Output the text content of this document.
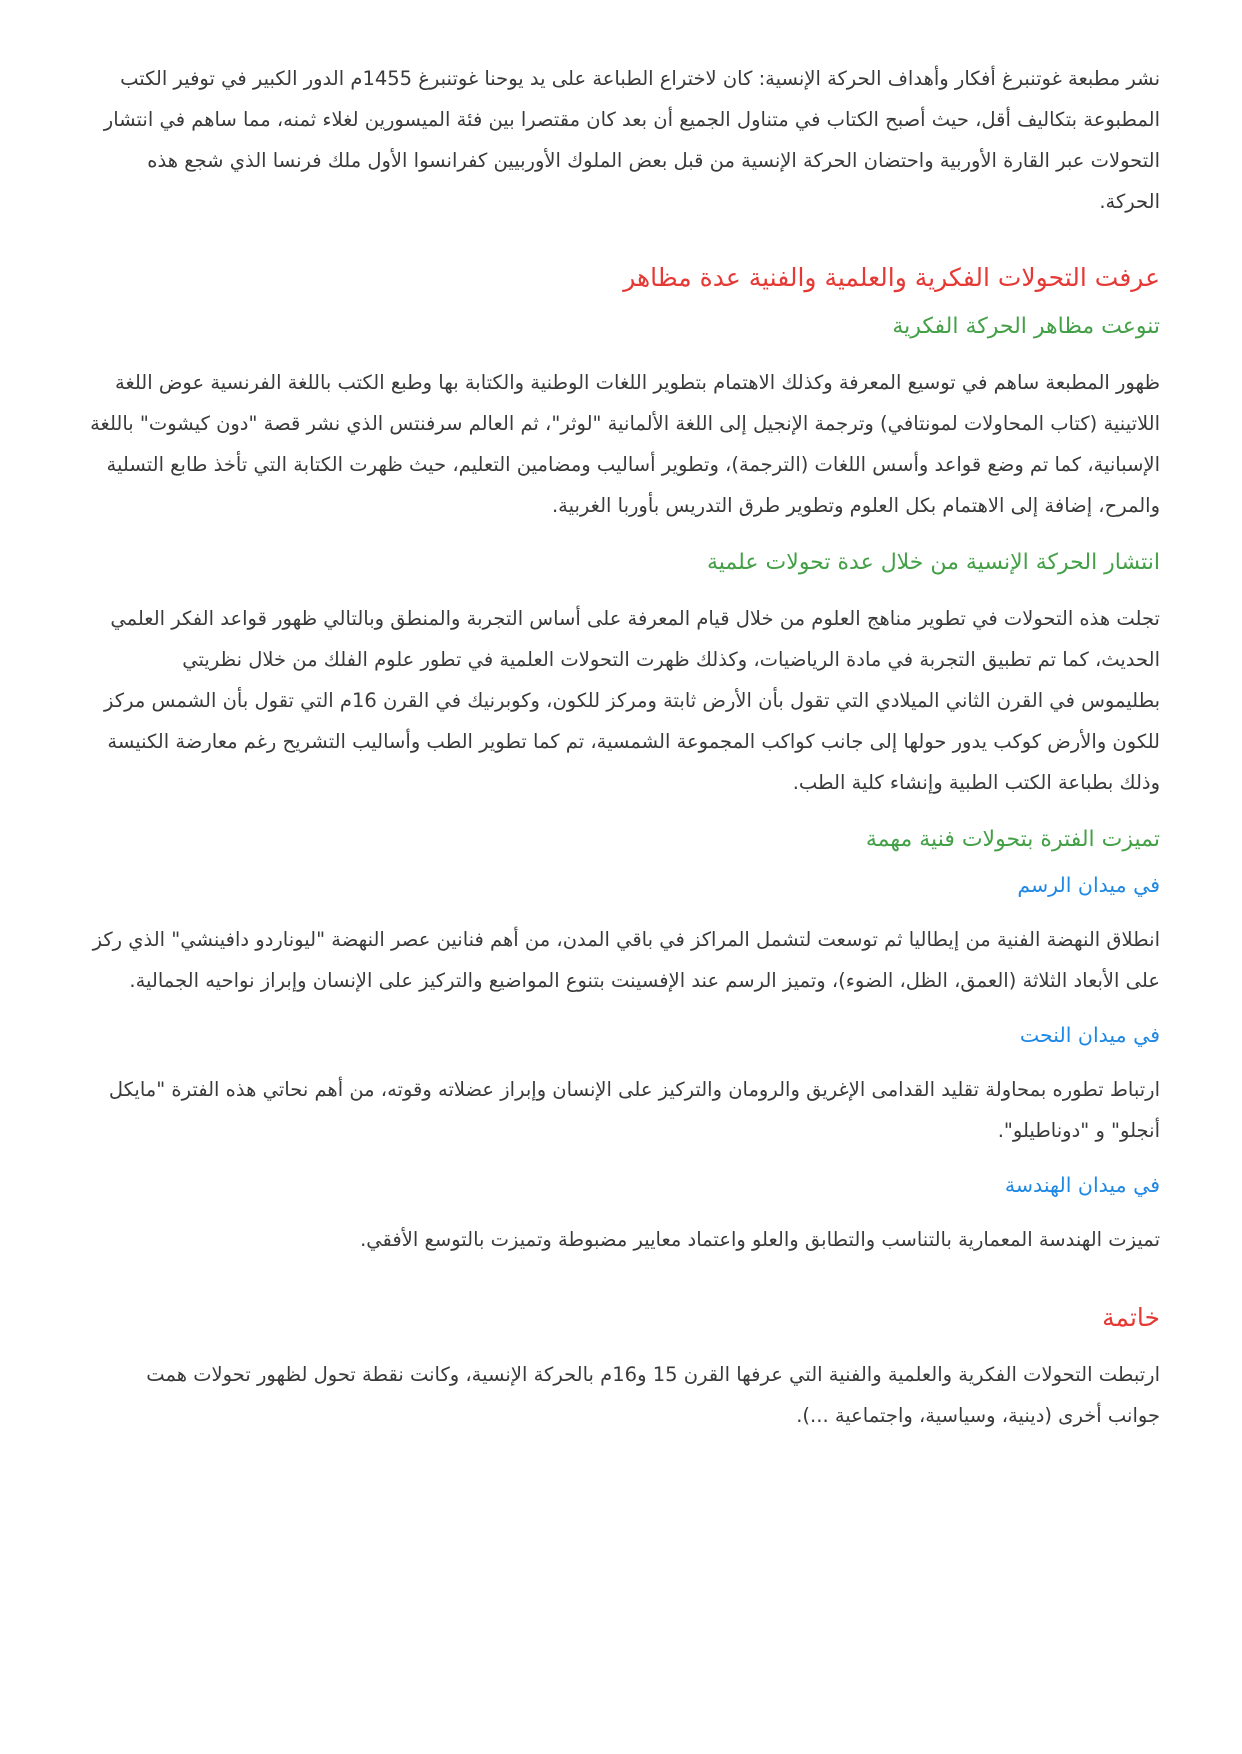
نشر مطبعة غوتنبرغ أفكار وأهداف الحركة الإنسية: كان لاختراع الطباعة على يد يوحنا غوتنبرغ 1455م الدور الكبير في توفير الكتب المطبوعة بتكاليف أقل، حيث أصبح الكتاب في متناول الجميع أن بعد كان مقتصرا بين فئة الميسورين لغلاء ثمنه، مما ساهم في انتشار التحولات عبر القارة الأوربية واحتضان الحركة الإنسية من قبل بعض الملوك الأوربيين كفرانسوا الأول ملك فرنسا الذي شجع هذه الحركة.

عرفت التحولات الفكرية والعلمية والفنية عدة مظاهر
تنوعت مظاهر الحركة الفكرية

ظهور المطبعة ساهم في توسيع المعرفة وكذلك الاهتمام بتطوير اللغات الوطنية والكتابة بها وطبع الكتب باللغة الفرنسية عوض اللغة اللاتينية (كتاب المحاولات لمونتافي) وترجمة الإنجيل إلى اللغة الألمانية "لوثر"، ثم العالم سرفنتس الذي نشر قصة "دون كيشوت" باللغة الإسبانية، كما تم وضع قواعد وأسس اللغات (الترجمة)، وتطوير أساليب ومضامين التعليم، حيث ظهرت الكتابة التي تأخذ طابع التسلية والمرح، إضافة إلى الاهتمام بكل العلوم وتطوير طرق التدريس بأوربا الغربية.

انتشار الحركة الإنسية من خلال عدة تحولات علمية

تجلت هذه التحولات في تطوير مناهج العلوم من خلال قيام المعرفة على أساس التجربة والمنطق وبالتالي ظهور قواعد الفكر العلمي الحديث، كما تم تطبيق التجربة في مادة الرياضيات، وكذلك ظهرت التحولات العلمية في تطور علوم الفلك من خلال نظريتي

بطليموس في القرن الثاني الميلادي التي تقول بأن الأرض ثابتة ومركز للكون، وكوبرنيك في القرن 16م التي تقول بأن الشمس مركز للكون والأرض كوكب يدور حولها إلى جانب كواكب المجموعة الشمسية، تم كما تطوير الطب وأساليب التشريح رغم معارضة الكنيسة وذلك بطباعة الكتب الطبية وإنشاء كلية الطب.

تميزت الفترة بتحولات فنية مهمة
في ميدان الرسم

انطلاق النهضة الفنية من إيطاليا ثم توسعت لتشمل المراكز في باقي المدن، من أهم فنانين عصر النهضة "ليوناردو دافينشي" الذي ركز على الأبعاد الثلاثة (العمق، الظل، الضوء)، وتميز الرسم عند الإفسينت بتنوع المواضيع والتركيز على الإنسان وإبراز نواحيه الجمالية.

في ميدان النحت

ارتباط تطوره بمحاولة تقليد القدامى الإغريق والرومان والتركيز على الإنسان وإبراز عضلاته وقوته، من أهم نحاتي هذه الفترة "مايكل أنجلو" و "دوناطيلو".

في ميدان الهندسة

تميزت الهندسة المعمارية بالتناسب والتطابق والعلو واعتماد معايير مضبوطة وتميزت بالتوسع الأفقي.

خاتمة

ارتبطت التحولات الفكرية والعلمية والفنية التي عرفها القرن 15 و16م بالحركة الإنسية، وكانت نقطة تحول لظهور تحولات همت جوانب أخرى (دينية، وسياسية، واجتماعية ...).
